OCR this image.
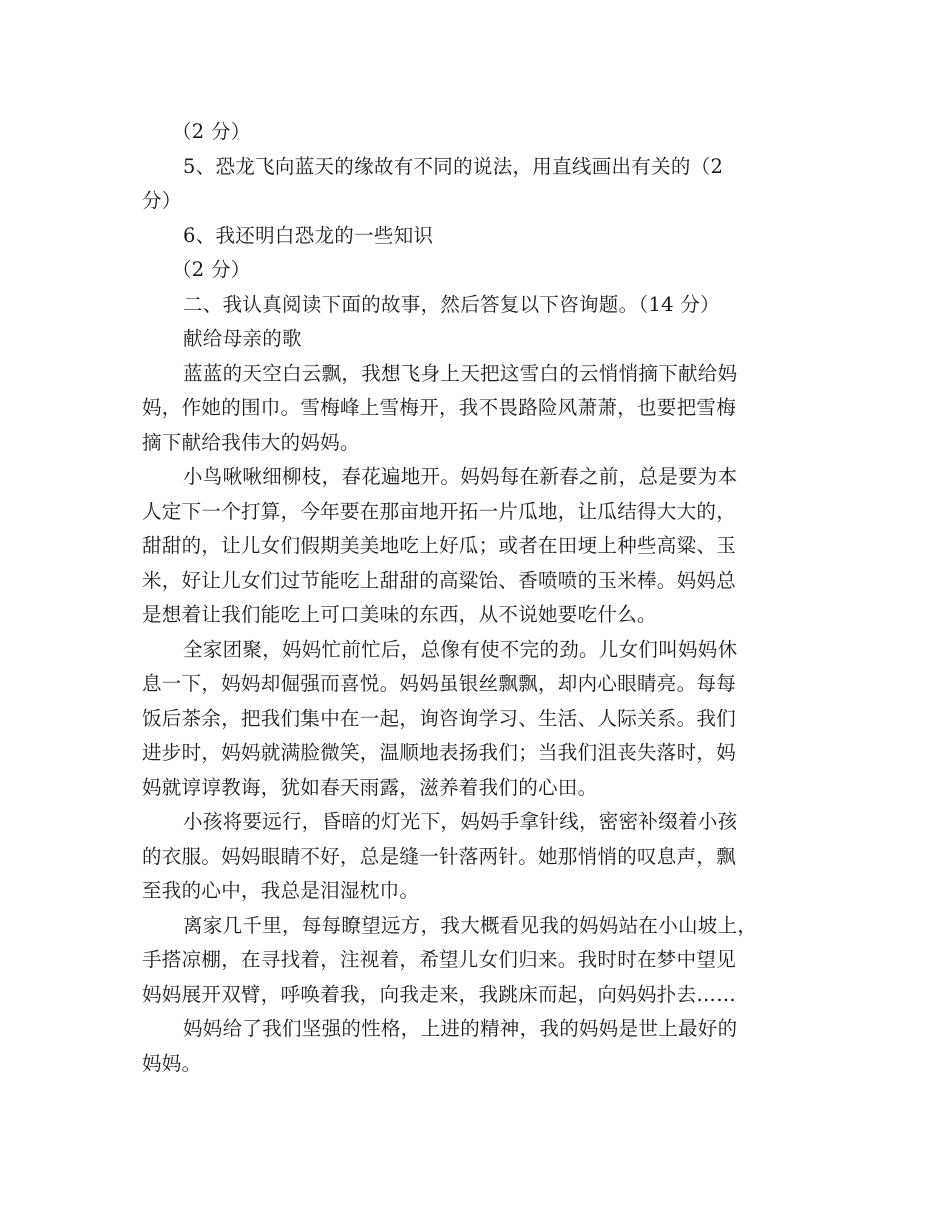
（2 分）
5、恐龙飞向蓝天的缘故有不同的说法，用直线画出有关的（2
分）
6、我还明白恐龙的一些知识
（2 分）
二、我认真阅读下面的故事，然后答复以下咨询题。（14 分）
献给母亲的歌
蓝蓝的天空白云飘，我想飞身上天把这雪白的云悄悄摘下献给妈
妈，作她的围巾。雪梅峰上雪梅开，我不畏路险风萧萧，也要把雪梅
摘下献给我伟大的妈妈。
小鸟啾啾细柳枝，春花遍地开。妈妈每在新春之前，总是要为本
人定下一个打算，今年要在那亩地开拓一片瓜地，让瓜结得大大的，
甜甜的，让儿女们假期美美地吃上好瓜；或者在田埂上种些高粱、玉
米，好让儿女们过节能吃上甜甜的高粱饴、香喷喷的玉米棒。妈妈总
是想着让我们能吃上可口美味的东西，从不说她要吃什么。
全家团聚，妈妈忙前忙后，总像有使不完的劲。儿女们叫妈妈休
息一下，妈妈却倔强而喜悦。妈妈虽银丝飘飘，却内心眼睛亮。每每
饭后茶余，把我们集中在一起，询咨询学习、生活、人际关系。我们
进步时，妈妈就满脸微笑，温顺地表扬我们；当我们沮丧失落时，妈
妈就谆谆教诲，犹如春天雨露，滋养着我们的心田。
小孩将要远行，昏暗的灯光下，妈妈手拿针线，密密补缀着小孩
的衣服。妈妈眼睛不好，总是缝一针落两针。她那悄悄的叹息声，飘
至我的心中，我总是泪湿枕巾。
离家几千里，每每瞭望远方，我大概看见我的妈妈站在小山坡上，
手搭凉棚，在寻找着，注视着，希望儿女们归来。我时时在梦中望见
妈妈展开双臂，呼唤着我，向我走来，我跳床而起，向妈妈扑去……
妈妈给了我们坚强的性格，上进的精神，我的妈妈是世上最好的
妈妈。
